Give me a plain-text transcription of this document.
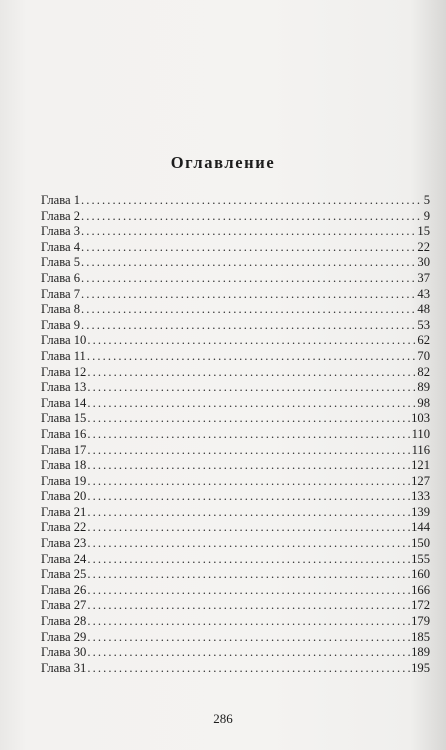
Оглавление
Глава 1 .....	5
Глава 2 .....	9
Глава 3 .....	15
Глава 4 .....	22
Глава 5 .....	30
Глава 6 .....	37
Глава 7 .....	43
Глава 8 .....	48
Глава 9 .....	53
Глава 10 .....	62
Глава 11 .....	70
Глава 12 .....	82
Глава 13 .....	89
Глава 14 .....	98
Глава 15 .....	103
Глава 16 .....	110
Глава 17 .....	116
Глава 18 .....	121
Глава 19 .....	127
Глава 20 .....	133
Глава 21 .....	139
Глава 22 .....	144
Глава 23 .....	150
Глава 24 .....	155
Глава 25 .....	160
Глава 26 .....	166
Глава 27 .....	172
Глава 28 .....	179
Глава 29 .....	185
Глава 30 .....	189
Глава 31 .....	195
286
